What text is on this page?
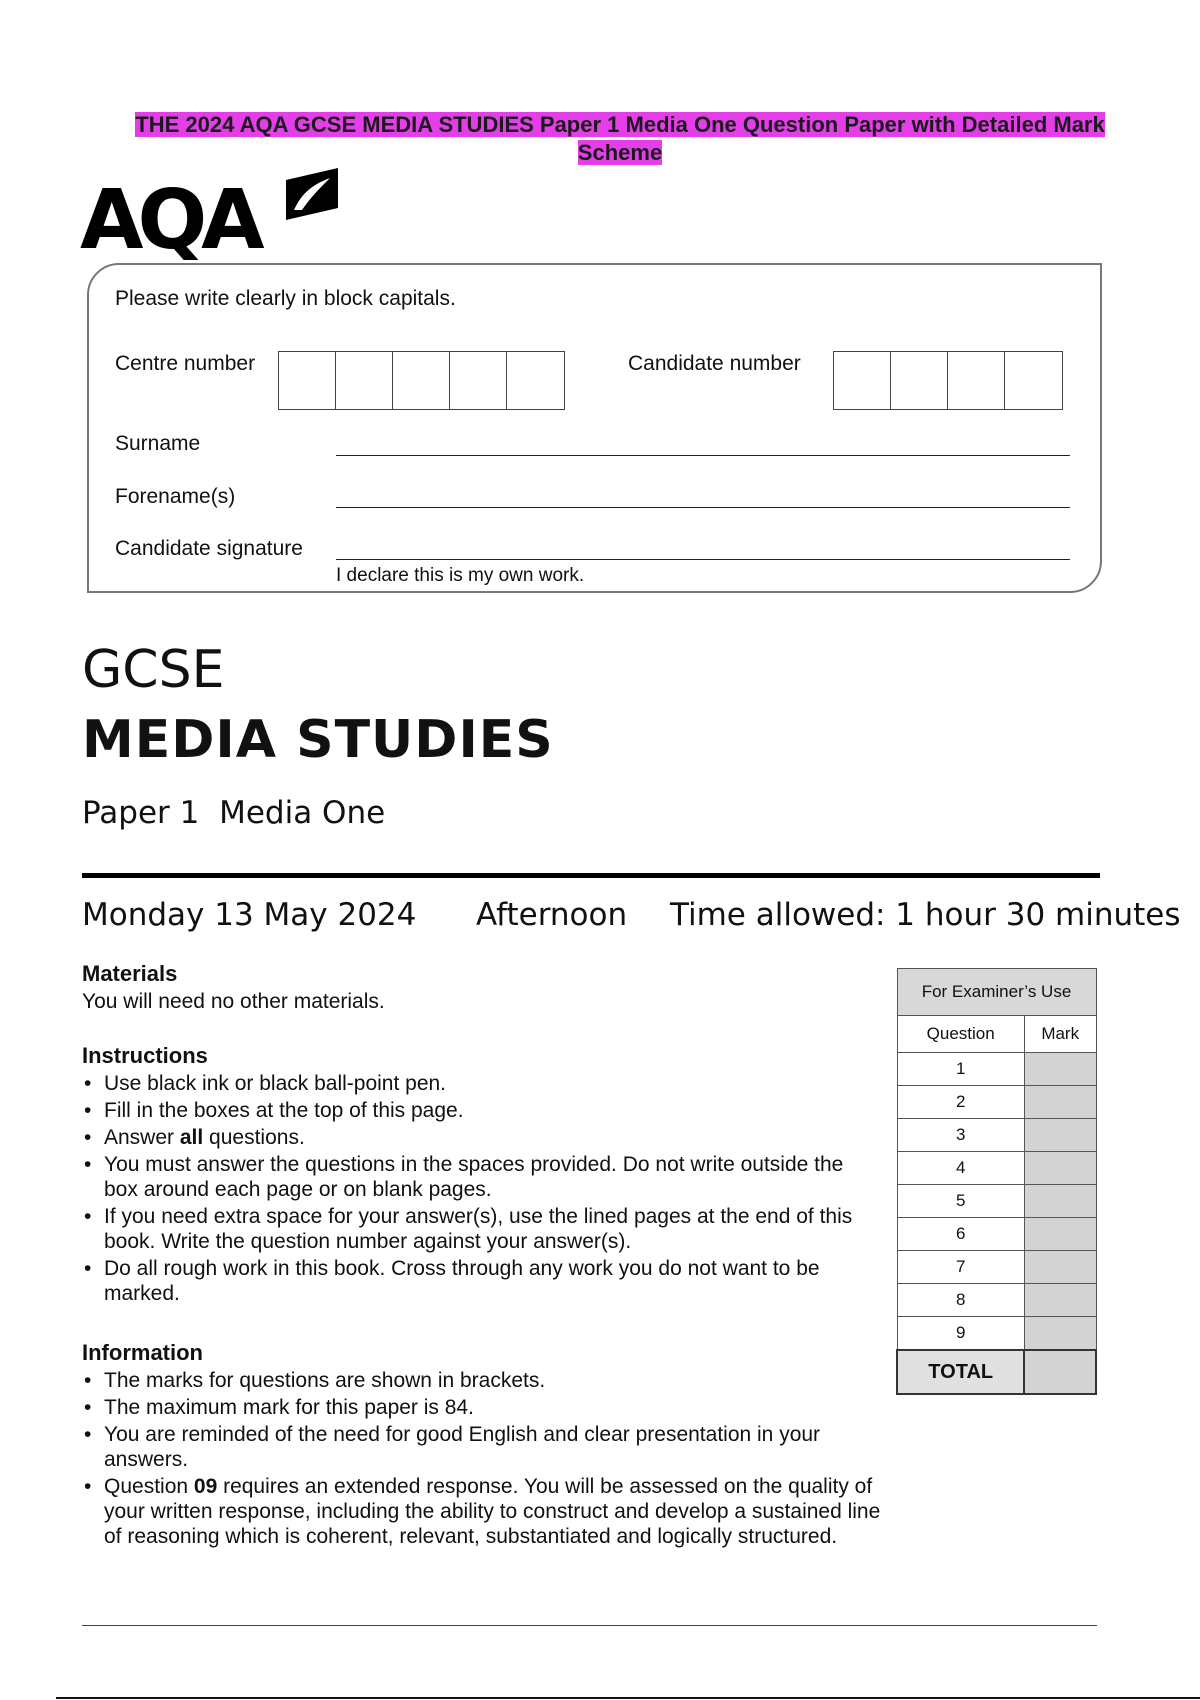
THE 2024 AQA GCSE MEDIA STUDIES Paper 1 Media One Question Paper with Detailed Mark
Scheme
AQA
Please write clearly in block capitals.
Centre number	Candidate number
Surname
Forename(s)
Candidate signature
I declare this is my own work.
GCSE
MEDIA STUDIES
Paper 1  Media One
Monday 13 May 2024 Afternoon Time allowed: 1 hour 30 minutes
Materials
You will need no other materials.
Instructions
• Use black ink or black ball-point pen.
• Fill in the boxes at the top of this page.
• Answer all questions.
• You must answer the questions in the spaces provided. Do not write outside the box around each page or on blank pages.
• If you need extra space for your answer(s), use the lined pages at the end of this book. Write the question number against your answer(s).
• Do all rough work in this book. Cross through any work you do not want to be marked.
Information
• The marks for questions are shown in brackets.
• The maximum mark for this paper is 84.
• You are reminded of the need for good English and clear presentation in your answers.
• Question 09 requires an extended response. You will be assessed on the quality of your written response, including the ability to construct and develop a sustained line of reasoning which is coherent, relevant, substantiated and logically structured.
For Examiner’s Use	
Question	Mark
1	
2	
3	
4	
5	
6	
7	
8	
9	
TOTAL	
